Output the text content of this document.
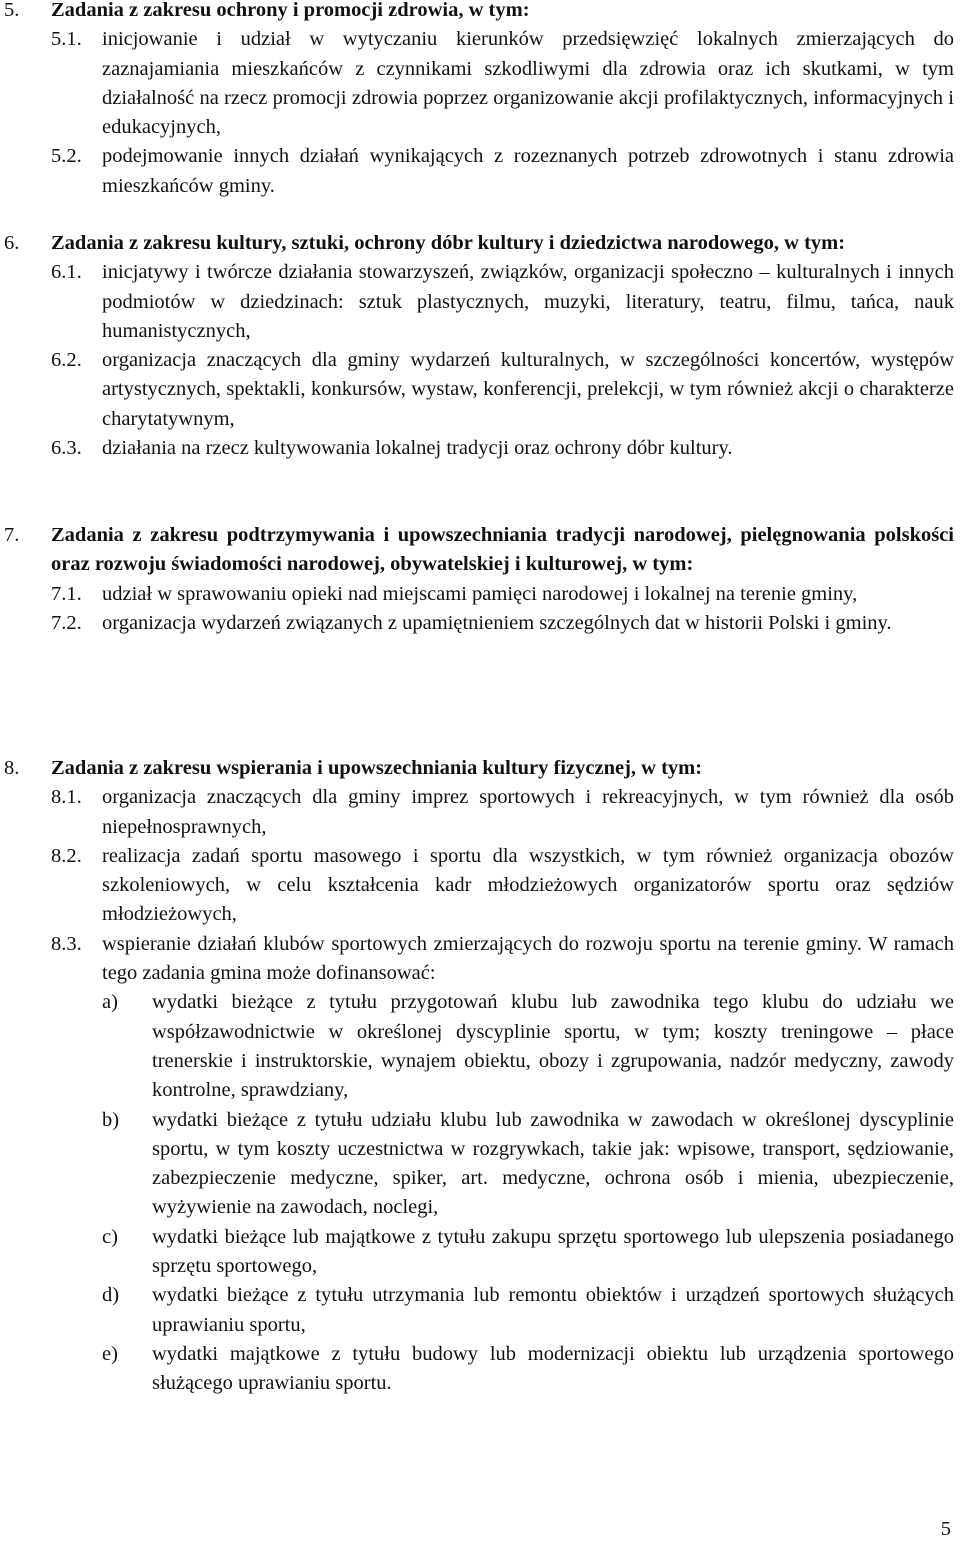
5. Zadania z zakresu ochrony i promocji zdrowia, w tym:
5.1. inicjowanie i udział w wytyczaniu kierunków przedsięwzięć lokalnych zmierzających do zaznajamiania mieszkańców z czynnikami szkodliwymi dla zdrowia oraz ich skutkami, w tym działalność na rzecz promocji zdrowia poprzez organizowanie akcji profilaktycznych, informacyjnych i edukacyjnych,
5.2. podejmowanie innych działań wynikających z rozeznanych potrzeb zdrowotnych i stanu zdrowia mieszkańców gminy.
6. Zadania z zakresu kultury, sztuki, ochrony dóbr kultury i dziedzictwa narodowego, w tym:
6.1. inicjatywy i twórcze działania stowarzyszeń, związków, organizacji społeczno – kulturalnych i innych podmiotów w dziedzinach: sztuk plastycznych, muzyki, literatury, teatru, filmu, tańca, nauk humanistycznych,
6.2. organizacja znaczących dla gminy wydarzeń kulturalnych, w szczególności koncertów, występów artystycznych, spektakli, konkursów, wystaw, konferencji, prelekcji, w tym również akcji o charakterze charytatywnym,
6.3. działania na rzecz kultywowania lokalnej tradycji oraz ochrony dóbr kultury.
7. Zadania z zakresu podtrzymywania i upowszechniania tradycji narodowej, pielęgnowania polskości oraz rozwoju świadomości narodowej, obywatelskiej i kulturowej, w tym:
7.1. udział w sprawowaniu opieki nad miejscami pamięci narodowej i lokalnej na terenie gminy,
7.2. organizacja wydarzeń związanych z upamiętnieniem szczególnych dat w historii Polski i gminy.
8. Zadania z zakresu wspierania i upowszechniania kultury fizycznej, w tym:
8.1. organizacja znaczących dla gminy imprez sportowych i rekreacyjnych, w tym również dla osób niepełnosprawnych,
8.2. realizacja zadań sportu masowego i sportu dla wszystkich, w tym również organizacja obozów szkoleniowych, w celu kształcenia kadr młodzieżowych organizatorów sportu oraz sędziów młodzieżowych,
8.3. wspieranie działań klubów sportowych zmierzających do rozwoju sportu na terenie gminy. W ramach tego zadania gmina może dofinansować:
a) wydatki bieżące z tytułu przygotowań klubu lub zawodnika tego klubu do udziału we współzawodnictwie w określonej dyscyplinie sportu, w tym; koszty treningowe – płace trenerskie i instruktorskie, wynajem obiektu, obozy i zgrupowania, nadzór medyczny, zawody kontrolne, sprawdziany,
b) wydatki bieżące z tytułu udziału klubu lub zawodnika w zawodach w określonej dyscyplinie sportu, w tym koszty uczestnictwa w rozgrywkach, takie jak: wpisowe, transport, sędziowanie, zabezpieczenie medyczne, spiker, art. medyczne, ochrona osób i mienia, ubezpieczenie, wyżywienie na zawodach, noclegi,
c) wydatki bieżące lub majątkowe z tytułu zakupu sprzętu sportowego lub ulepszenia posiadanego sprzętu sportowego,
d) wydatki bieżące z tytułu utrzymania lub remontu obiektów i urządzeń sportowych służących uprawianiu sportu,
e) wydatki majątkowe z tytułu budowy lub modernizacji obiektu lub urządzenia sportowego służącego uprawianiu sportu.
5
